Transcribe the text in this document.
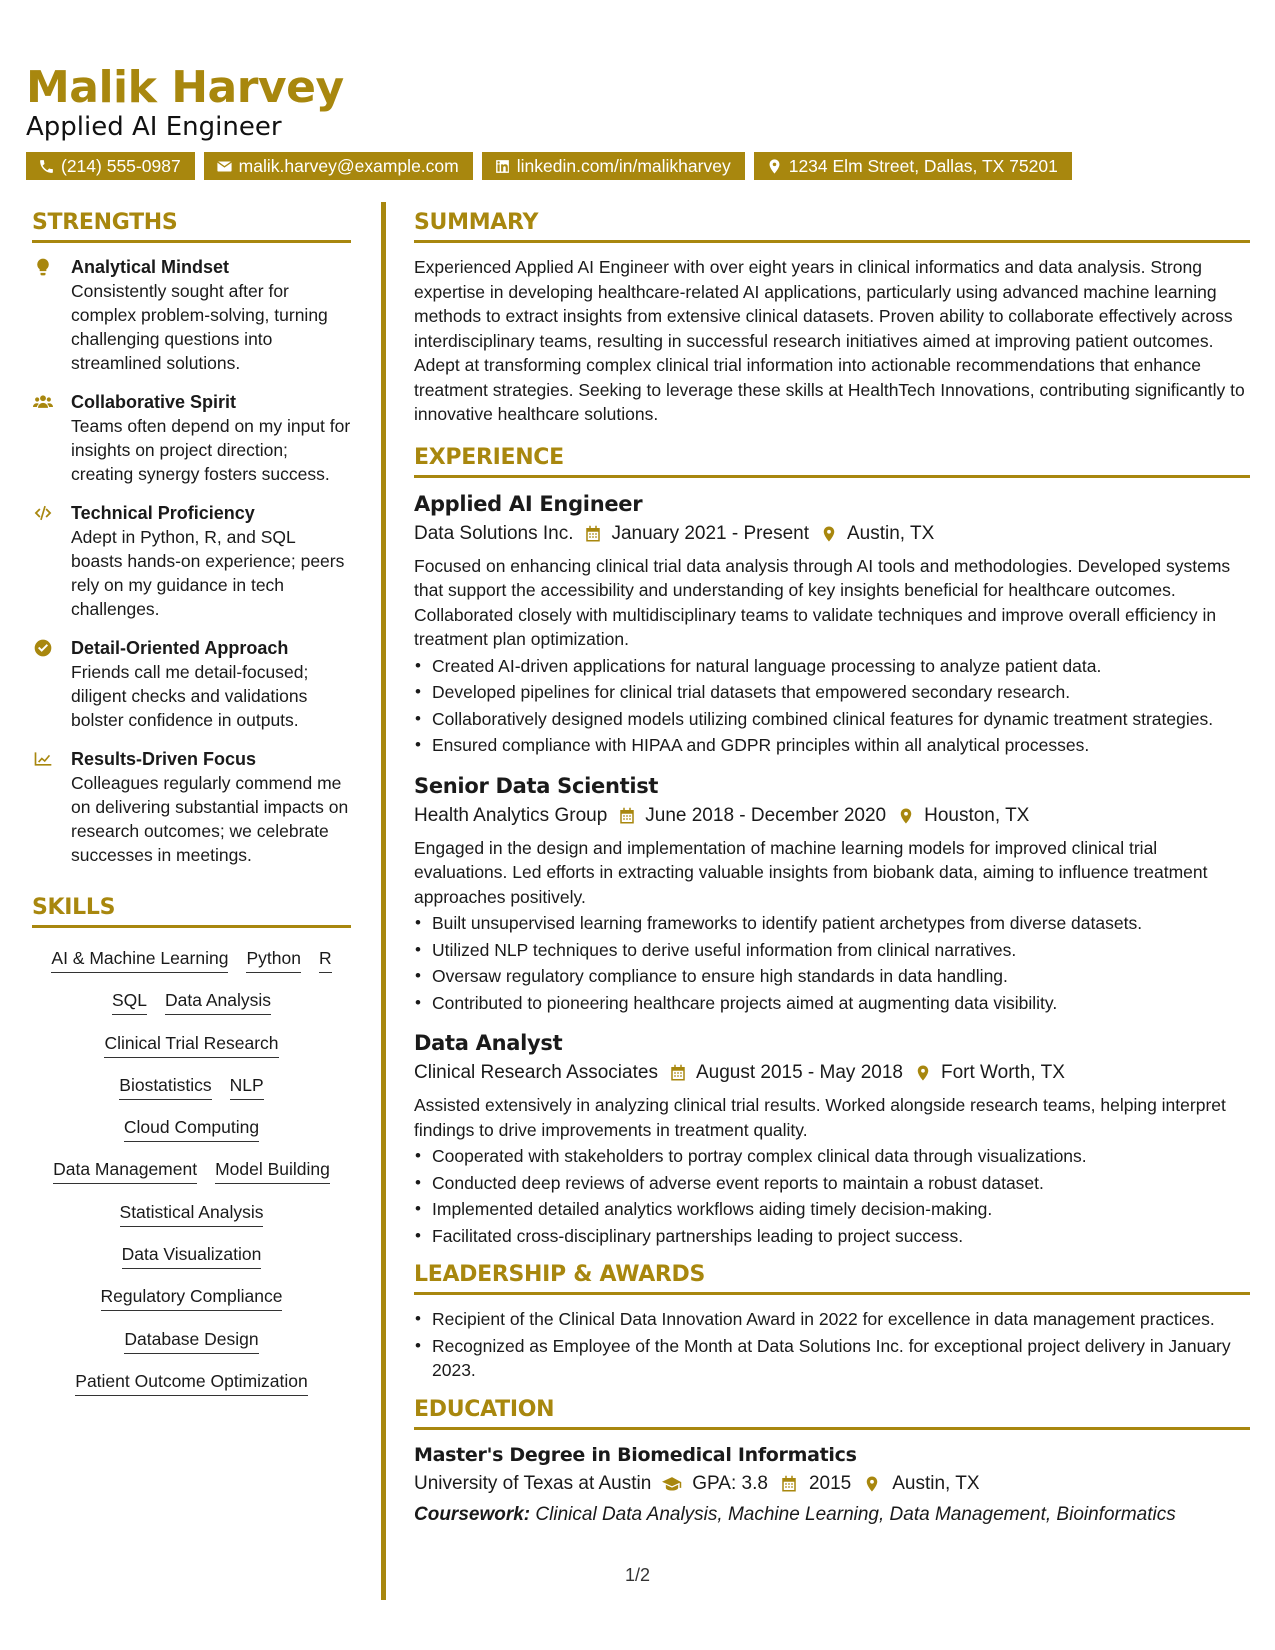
Malik Harvey
Applied AI Engineer
(214) 555-0987	malik.harvey@example.com	linkedin.com/in/malikharvey	1234 Elm Street, Dallas, TX 75201
STRENGTHS
Analytical Mindset
Consistently sought after for complex problem-solving, turning challenging questions into streamlined solutions.
Collaborative Spirit
Teams often depend on my input for insights on project direction; creating synergy fosters success.
Technical Proficiency
Adept in Python, R, and SQL boasts hands-on experience; peers rely on my guidance in tech challenges.
Detail-Oriented Approach
Friends call me detail-focused; diligent checks and validations bolster confidence in outputs.
Results-Driven Focus
Colleagues regularly commend me on delivering substantial impacts on research outcomes; we celebrate successes in meetings.
SKILLS
AI & Machine Learning Python R
SQL Data Analysis
Clinical Trial Research
Biostatistics NLP
Cloud Computing
Data Management Model Building
Statistical Analysis
Data Visualization
Regulatory Compliance
Database Design
Patient Outcome Optimization
SUMMARY
Experienced Applied AI Engineer with over eight years in clinical informatics and data analysis. Strong expertise in developing healthcare-related AI applications, particularly using advanced machine learning methods to extract insights from extensive clinical datasets. Proven ability to collaborate effectively across interdisciplinary teams, resulting in successful research initiatives aimed at improving patient outcomes. Adept at transforming complex clinical trial information into actionable recommendations that enhance treatment strategies. Seeking to leverage these skills at HealthTech Innovations, contributing significantly to innovative healthcare solutions.
EXPERIENCE
Applied AI Engineer
Data Solutions Inc. January 2021 - Present Austin, TX
Focused on enhancing clinical trial data analysis through AI tools and methodologies. Developed systems that support the accessibility and understanding of key insights beneficial for healthcare outcomes. Collaborated closely with multidisciplinary teams to validate techniques and improve overall efficiency in treatment plan optimization.
• Created AI-driven applications for natural language processing to analyze patient data.
• Developed pipelines for clinical trial datasets that empowered secondary research.
• Collaboratively designed models utilizing combined clinical features for dynamic treatment strategies.
• Ensured compliance with HIPAA and GDPR principles within all analytical processes.
Senior Data Scientist
Health Analytics Group June 2018 - December 2020 Houston, TX
Engaged in the design and implementation of machine learning models for improved clinical trial evaluations. Led efforts in extracting valuable insights from biobank data, aiming to influence treatment approaches positively.
• Built unsupervised learning frameworks to identify patient archetypes from diverse datasets.
• Utilized NLP techniques to derive useful information from clinical narratives.
• Oversaw regulatory compliance to ensure high standards in data handling.
• Contributed to pioneering healthcare projects aimed at augmenting data visibility.
Data Analyst
Clinical Research Associates August 2015 - May 2018 Fort Worth, TX
Assisted extensively in analyzing clinical trial results. Worked alongside research teams, helping interpret findings to drive improvements in treatment quality.
• Cooperated with stakeholders to portray complex clinical data through visualizations.
• Conducted deep reviews of adverse event reports to maintain a robust dataset.
• Implemented detailed analytics workflows aiding timely decision-making.
• Facilitated cross-disciplinary partnerships leading to project success.
LEADERSHIP & AWARDS
• Recipient of the Clinical Data Innovation Award in 2022 for excellence in data management practices.
• Recognized as Employee of the Month at Data Solutions Inc. for exceptional project delivery in January 2023.
EDUCATION
Master's Degree in Biomedical Informatics
University of Texas at Austin GPA: 3.8 2015 Austin, TX
Coursework: Clinical Data Analysis, Machine Learning, Data Management, Bioinformatics
1/2
